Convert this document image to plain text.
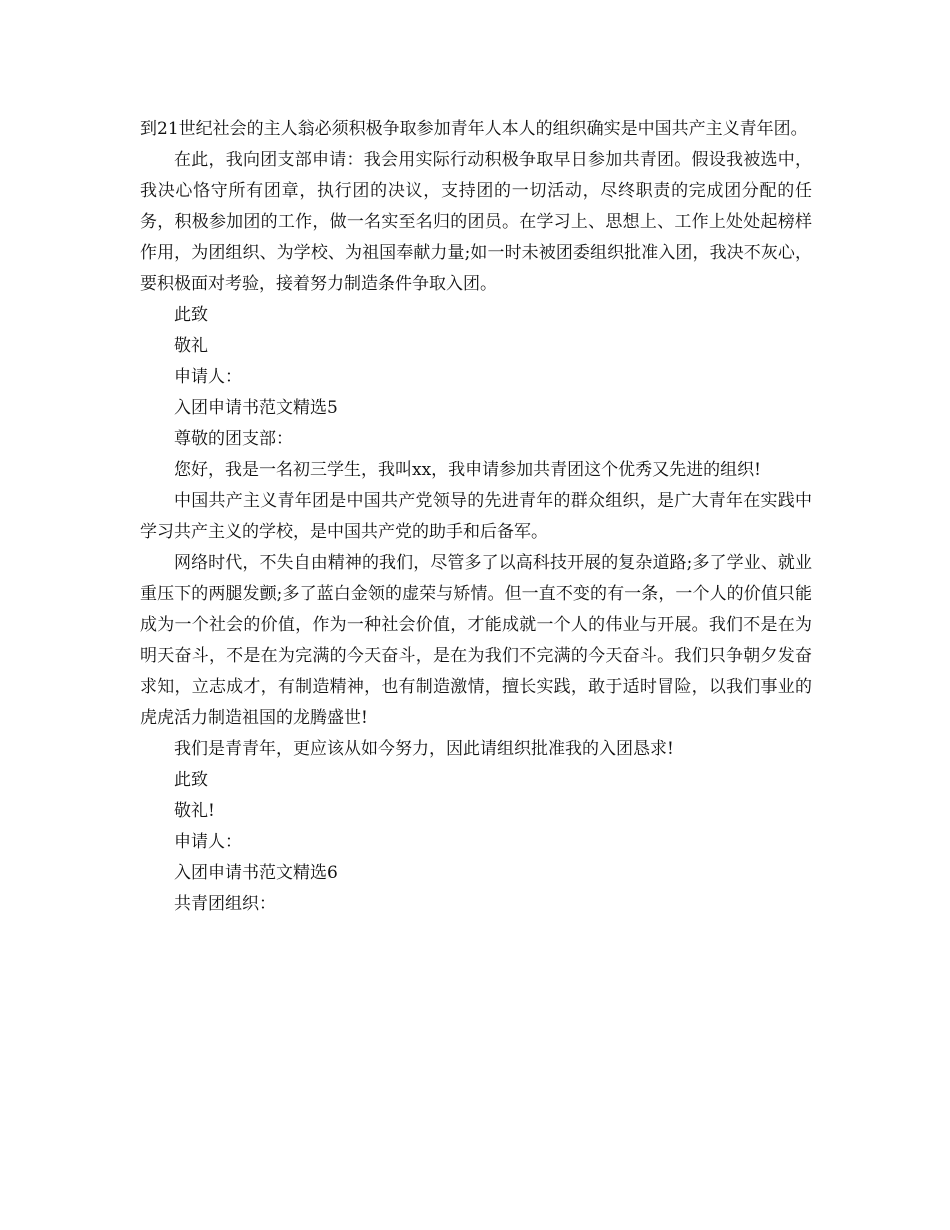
到21世纪社会的主人翁必须积极争取参加青年人本人的组织确实是中国共产主义青年团。

在此，我向团支部申请：我会用实际行动积极争取早日参加共青团。假设我被选中，我决心恪守所有团章，执行团的决议，支持团的一切活动，尽终职责的完成团分配的任务，积极参加团的工作，做一名实至名归的团员。在学习上、思想上、工作上处处起榜样作用，为团组织、为学校、为祖国奉献力量;如一时未被团委组织批准入团，我决不灰心，要积极面对考验，接着努力制造条件争取入团。

此致

敬礼

申请人：

入团申请书范文精选5

尊敬的团支部：

您好，我是一名初三学生，我叫xx，我申请参加共青团这个优秀又先进的组织!

中国共产主义青年团是中国共产党领导的先进青年的群众组织，是广大青年在实践中学习共产主义的学校，是中国共产党的助手和后备军。

网络时代，不失自由精神的我们，尽管多了以高科技开展的复杂道路;多了学业、就业重压下的两腿发颤;多了蓝白金领的虚荣与矫情。但一直不变的有一条，一个人的价值只能成为一个社会的价值，作为一种社会价值，才能成就一个人的伟业与开展。我们不是在为明天奋斗，不是在为完满的今天奋斗，是在为我们不完满的今天奋斗。我们只争朝夕发奋求知，立志成才，有制造精神，也有制造激情，擅长实践，敢于适时冒险，以我们事业的虎虎活力制造祖国的龙腾盛世!

我们是青青年，更应该从如今努力，因此请组织批准我的入团恳求!

此致

敬礼!

申请人：

入团申请书范文精选6

共青团组织：
